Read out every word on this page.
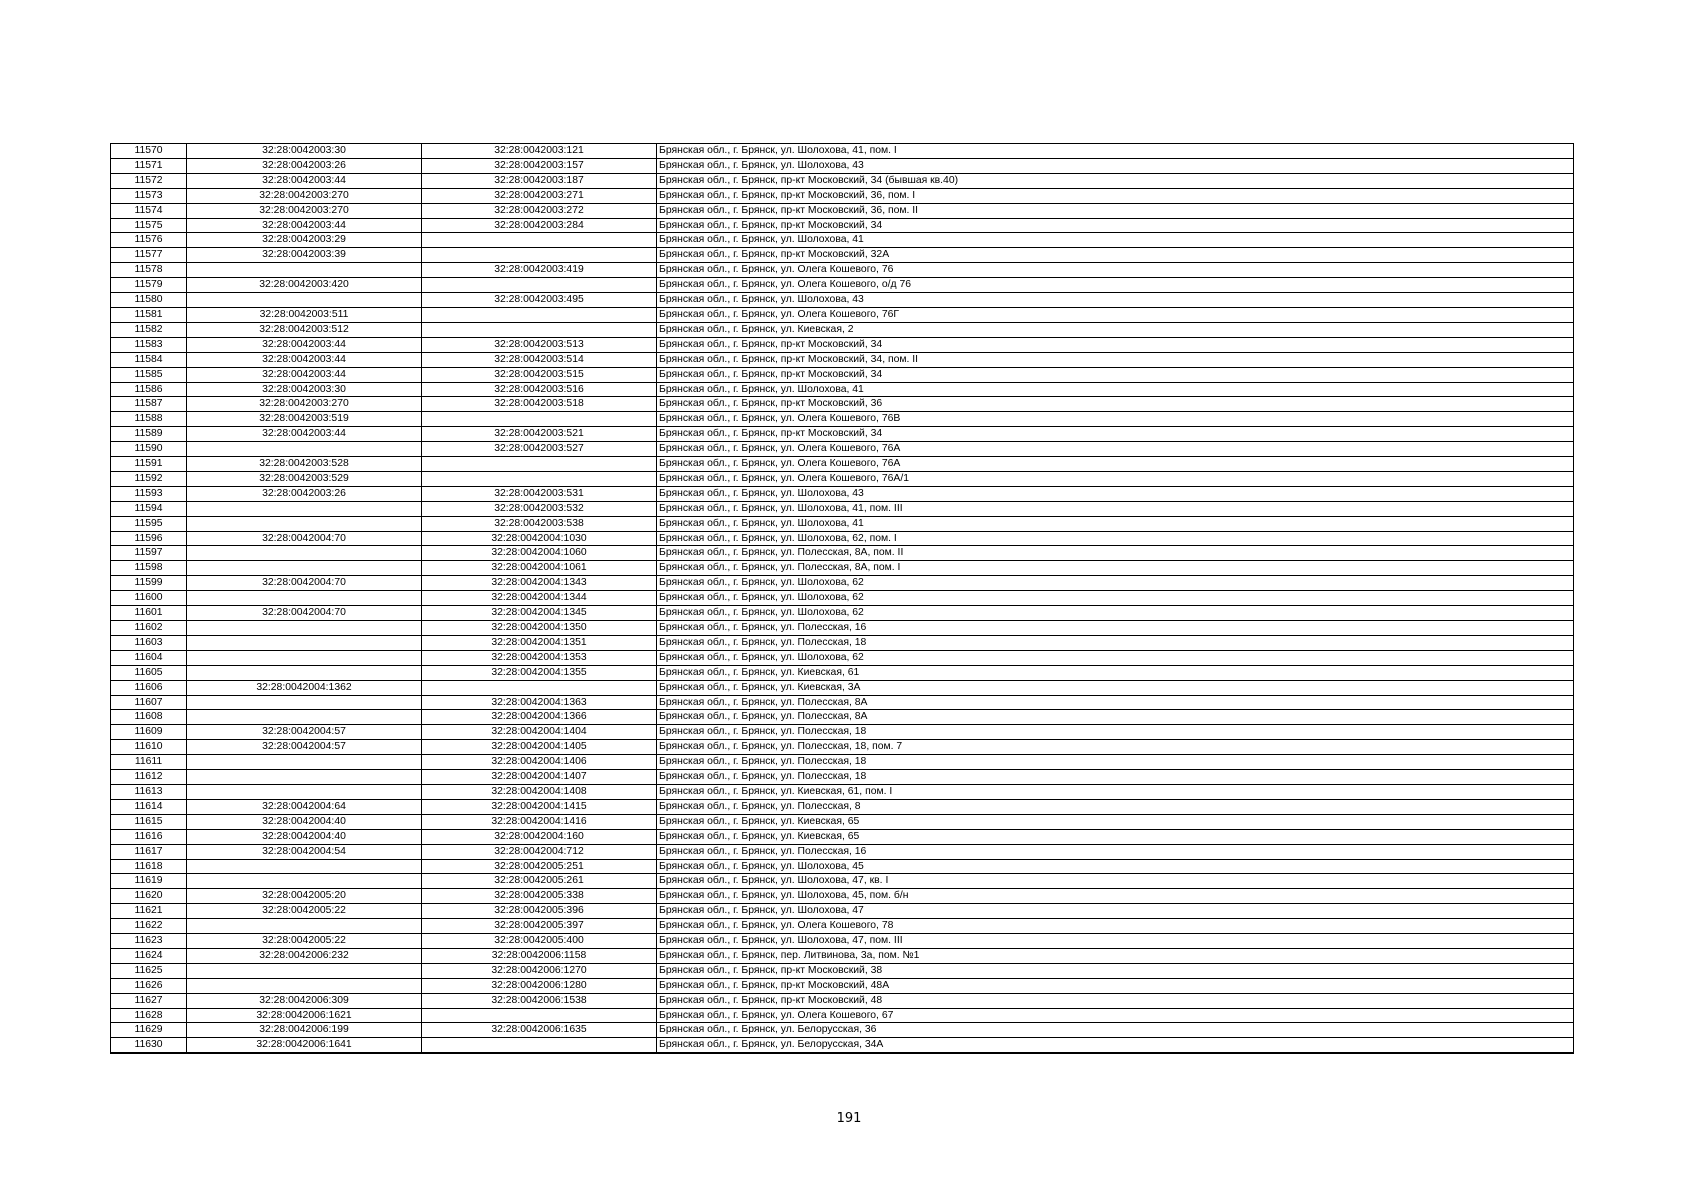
11570	32:28:0042003:30	32:28:0042003:121	Брянская обл., г. Брянск, ул. Шолохова, 41, пом. I
11571	32:28:0042003:26	32:28:0042003:157	Брянская обл., г. Брянск, ул. Шолохова, 43
11572	32:28:0042003:44	32:28:0042003:187	Брянская обл., г. Брянск, пр-кт Московский, 34 (бывшая кв.40)
11573	32:28:0042003:270	32:28:0042003:271	Брянская обл., г. Брянск, пр-кт Московский, 36, пом. I
11574	32:28:0042003:270	32:28:0042003:272	Брянская обл., г. Брянск, пр-кт Московский, 36, пом. II
11575	32:28:0042003:44	32:28:0042003:284	Брянская обл., г. Брянск, пр-кт Московский, 34
11576	32:28:0042003:29		Брянская обл., г. Брянск, ул. Шолохова, 41
11577	32:28:0042003:39		Брянская обл., г. Брянск, пр-кт Московский, 32А
11578		32:28:0042003:419	Брянская обл., г. Брянск, ул. Олега Кошевого, 76
11579	32:28:0042003:420		Брянская обл., г. Брянск, ул. Олега Кошевого, о/д 76
11580		32:28:0042003:495	Брянская обл., г. Брянск, ул. Шолохова, 43
11581	32:28:0042003:511		Брянская обл., г. Брянск, ул. Олега Кошевого, 76Г
11582	32:28:0042003:512		Брянская обл., г. Брянск, ул. Киевская, 2
11583	32:28:0042003:44	32:28:0042003:513	Брянская обл., г. Брянск, пр-кт Московский, 34
11584	32:28:0042003:44	32:28:0042003:514	Брянская обл., г. Брянск, пр-кт Московский, 34, пом. II
11585	32:28:0042003:44	32:28:0042003:515	Брянская обл., г. Брянск, пр-кт Московский, 34
11586	32:28:0042003:30	32:28:0042003:516	Брянская обл., г. Брянск, ул. Шолохова, 41
11587	32:28:0042003:270	32:28:0042003:518	Брянская обл., г. Брянск, пр-кт Московский, 36
11588	32:28:0042003:519		Брянская обл., г. Брянск, ул. Олега Кошевого, 76В
11589	32:28:0042003:44	32:28:0042003:521	Брянская обл., г. Брянск, пр-кт Московский, 34
11590		32:28:0042003:527	Брянская обл., г. Брянск, ул. Олега Кошевого, 76А
11591	32:28:0042003:528		Брянская обл., г. Брянск, ул. Олега Кошевого, 76А
11592	32:28:0042003:529		Брянская обл., г. Брянск, ул. Олега Кошевого, 76А/1
11593	32:28:0042003:26	32:28:0042003:531	Брянская обл., г. Брянск, ул. Шолохова, 43
11594		32:28:0042003:532	Брянская обл., г. Брянск, ул. Шолохова, 41, пом. III
11595		32:28:0042003:538	Брянская обл., г. Брянск, ул. Шолохова, 41
11596	32:28:0042004:70	32:28:0042004:1030	Брянская обл., г. Брянск, ул. Шолохова, 62, пом. I
11597		32:28:0042004:1060	Брянская обл., г. Брянск, ул. Полесская, 8А, пом. II
11598		32:28:0042004:1061	Брянская обл., г. Брянск, ул. Полесская, 8А, пом. I
11599	32:28:0042004:70	32:28:0042004:1343	Брянская обл., г. Брянск, ул. Шолохова, 62
11600		32:28:0042004:1344	Брянская обл., г. Брянск, ул. Шолохова, 62
11601	32:28:0042004:70	32:28:0042004:1345	Брянская обл., г. Брянск, ул. Шолохова, 62
11602		32:28:0042004:1350	Брянская обл., г. Брянск, ул. Полесская, 16
11603		32:28:0042004:1351	Брянская обл., г. Брянск, ул. Полесская, 18
11604		32:28:0042004:1353	Брянская обл., г. Брянск, ул. Шолохова, 62
11605		32:28:0042004:1355	Брянская обл., г. Брянск, ул. Киевская, 61
11606	32:28:0042004:1362		Брянская обл., г. Брянск, ул. Киевская, 3А
11607		32:28:0042004:1363	Брянская обл., г. Брянск, ул. Полесская, 8А
11608		32:28:0042004:1366	Брянская обл., г. Брянск, ул. Полесская, 8А
11609	32:28:0042004:57	32:28:0042004:1404	Брянская обл., г. Брянск, ул. Полесская, 18
11610	32:28:0042004:57	32:28:0042004:1405	Брянская обл., г. Брянск, ул. Полесская, 18, пом. 7
11611		32:28:0042004:1406	Брянская обл., г. Брянск, ул. Полесская, 18
11612		32:28:0042004:1407	Брянская обл., г. Брянск, ул. Полесская, 18
11613		32:28:0042004:1408	Брянская обл., г. Брянск, ул. Киевская, 61, пом. I
11614	32:28:0042004:64	32:28:0042004:1415	Брянская обл., г. Брянск, ул. Полесская, 8
11615	32:28:0042004:40	32:28:0042004:1416	Брянская обл., г. Брянск, ул. Киевская, 65
11616	32:28:0042004:40	32:28:0042004:160	Брянская обл., г. Брянск, ул. Киевская, 65
11617	32:28:0042004:54	32:28:0042004:712	Брянская обл., г. Брянск, ул. Полесская, 16
11618		32:28:0042005:251	Брянская обл., г. Брянск, ул. Шолохова, 45
11619		32:28:0042005:261	Брянская обл., г. Брянск, ул. Шолохова, 47, кв. I
11620	32:28:0042005:20	32:28:0042005:338	Брянская обл., г. Брянск, ул. Шолохова, 45, пом. б/н
11621	32:28:0042005:22	32:28:0042005:396	Брянская обл., г. Брянск, ул. Шолохова, 47
11622		32:28:0042005:397	Брянская обл., г. Брянск, ул. Олега Кошевого, 78
11623	32:28:0042005:22	32:28:0042005:400	Брянская обл., г. Брянск, ул. Шолохова, 47, пом. III
11624	32:28:0042006:232	32:28:0042006:1158	Брянская обл., г. Брянск, пер. Литвинова, 3а, пом. №1
11625		32:28:0042006:1270	Брянская обл., г. Брянск, пр-кт Московский, 38
11626		32:28:0042006:1280	Брянская обл., г. Брянск, пр-кт Московский, 48А
11627	32:28:0042006:309	32:28:0042006:1538	Брянская обл., г. Брянск, пр-кт Московский, 48
11628	32:28:0042006:1621		Брянская обл., г. Брянск, ул. Олега Кошевого, 67
11629	32:28:0042006:199	32:28:0042006:1635	Брянская обл., г. Брянск, ул. Белорусская, 36
11630	32:28:0042006:1641		Брянская обл., г. Брянск, ул. Белорусская, 34А
191
